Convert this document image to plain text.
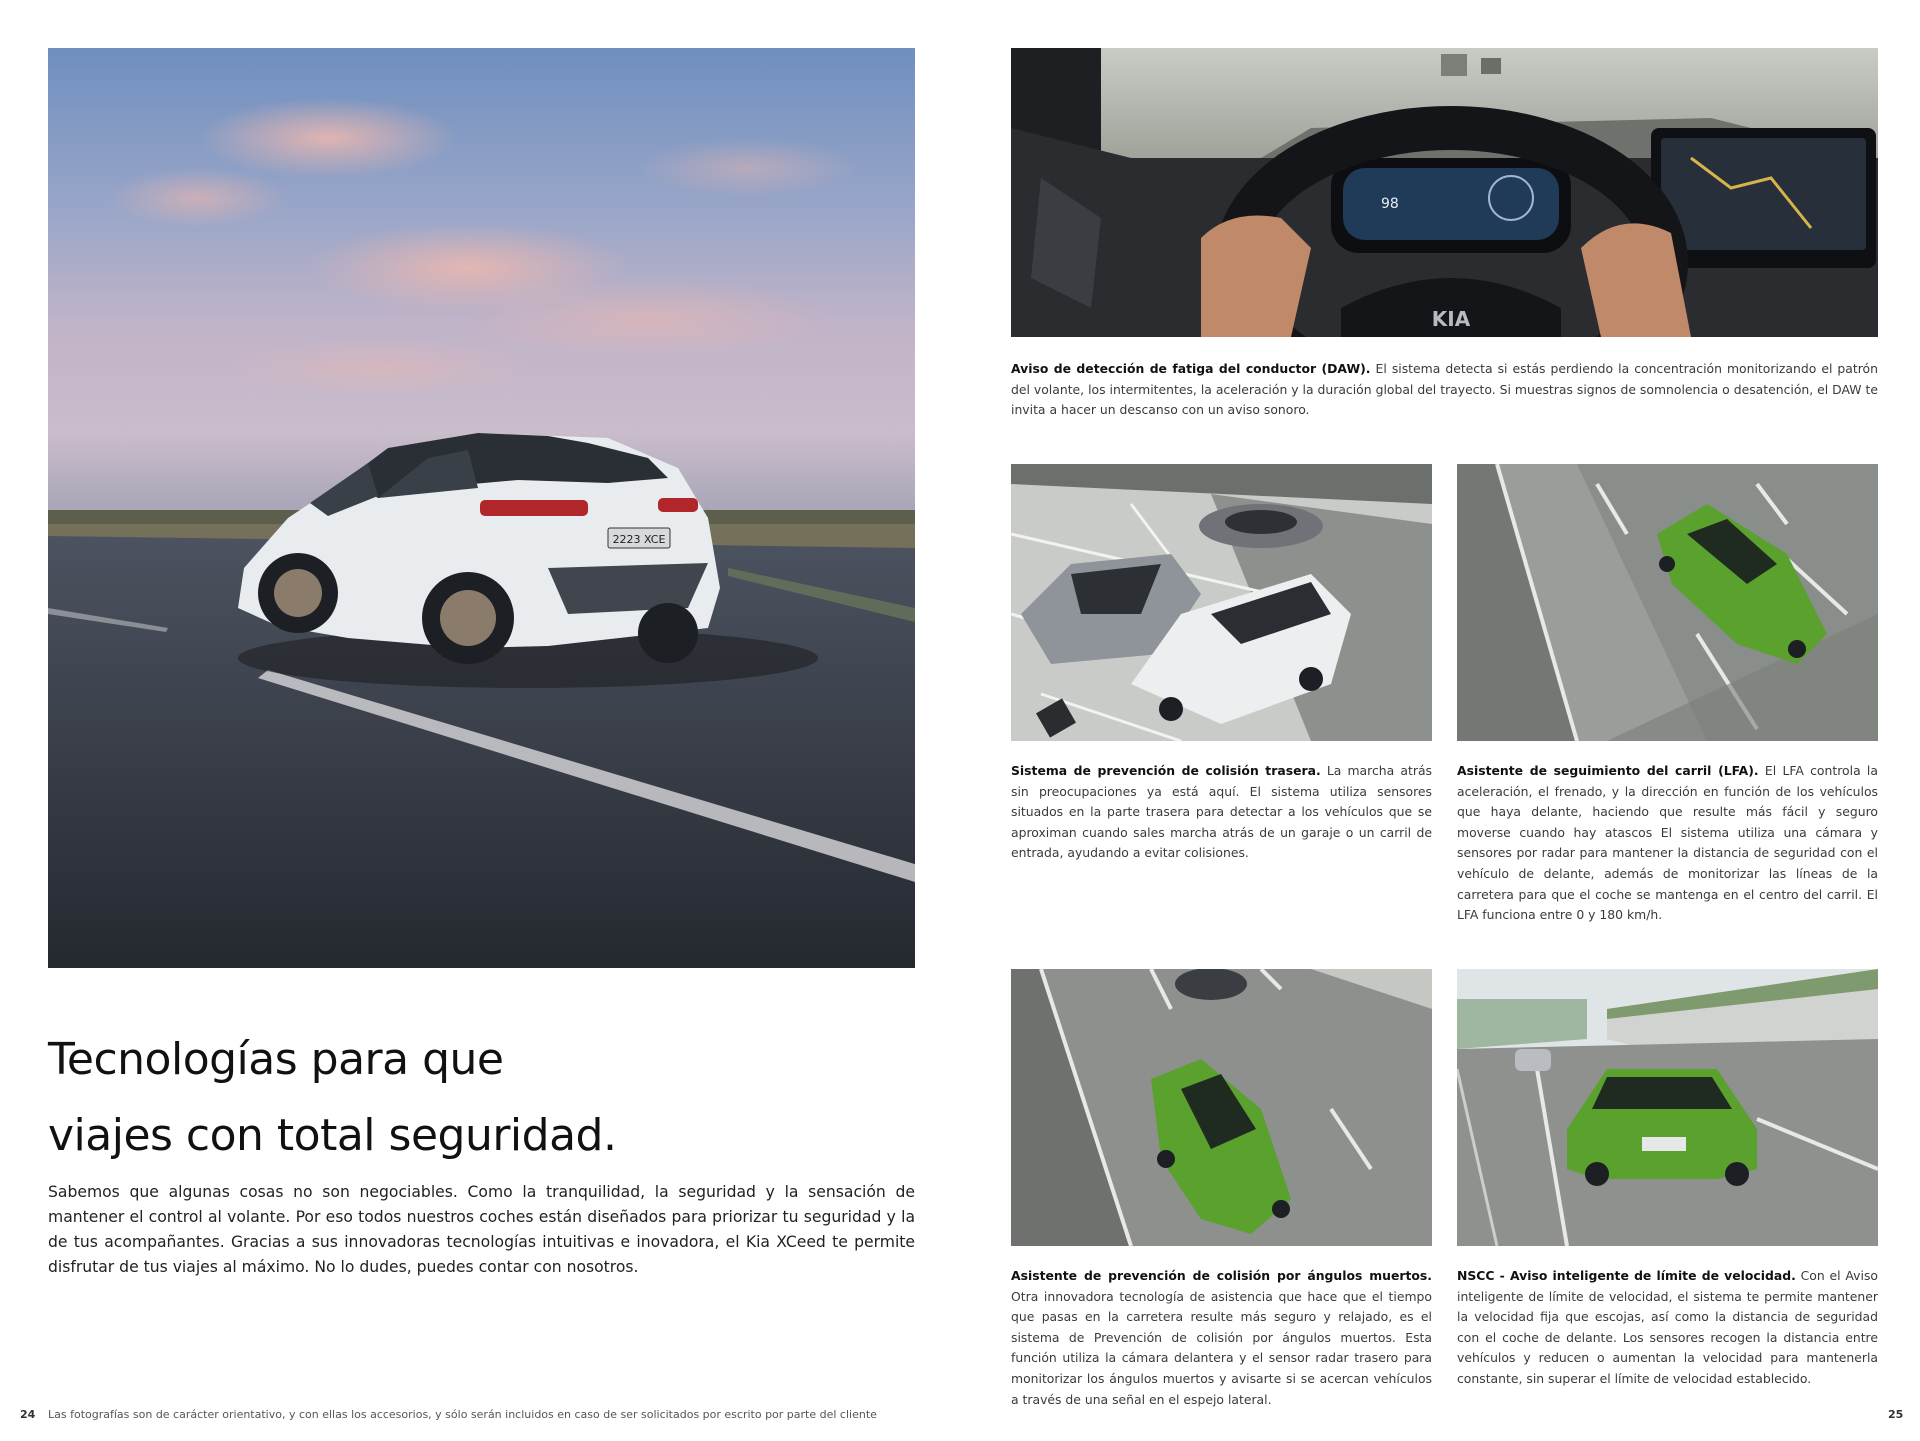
2223 XCE
Tecnologías para que
viajes con total seguridad.

Sabemos que algunas cosas no son negociables. Como la tranquilidad, la seguridad y la sensación de mantener el control al volante. Por eso todos nuestros coches están diseñados para priorizar tu seguridad y la de tus acompañantes. Gracias a sus innovadoras tecnologías intuitivas e inovadora, el Kia XCeed te permite disfrutar de tus viajes al máximo. No lo dudes, puedes contar con nosotros.

24 Las fotografías son de carácter orientativo, y con ellas los accesorios, y sólo serán incluidos en caso de ser solicitados por escrito por parte del cliente
98
KIA

Aviso de detección de fatiga del conductor (DAW). El sistema detecta si estás perdiendo la concentración monitorizando el patrón del volante, los intermitentes, la aceleración y la duración global del trayecto. Si muestras signos de somnolencia o desatención, el DAW te invita a hacer un descanso con un aviso sonoro.

Sistema de prevención de colisión trasera. La marcha atrás sin preocupaciones ya está aquí. El sistema utiliza sensores situados en la parte trasera para detectar a los vehículos que se aproximan cuando sales marcha atrás de un garaje o un carril de entrada, ayudando a evitar colisiones.

Asistente de seguimiento del carril (LFA). El LFA controla la aceleración, el frenado, y la dirección en función de los vehículos que haya delante, haciendo que resulte más fácil y seguro moverse cuando hay atascos El sistema utiliza una cámara y sensores por radar para mantener la distancia de seguridad con el vehículo de delante, además de monitorizar las líneas de la carretera para que el coche se mantenga en el centro del carril. El LFA funciona entre 0 y 180 km/h.

Asistente de prevención de colisión por ángulos muertos. Otra innovadora tecnología de asistencia que hace que el tiempo que pasas en la carretera resulte más seguro y relajado, es el sistema de Prevención de colisión por ángulos muertos. Esta función utiliza la cámara delantera y el sensor radar trasero para monitorizar los ángulos muertos y avisarte si se acercan vehículos a través de una señal en el espejo lateral.

NSCC - Aviso inteligente de límite de velocidad. Con el Aviso inteligente de límite de velocidad, el sistema te permite mantener la velocidad fija que escojas, así como la distancia de seguridad con el coche de delante. Los sensores recogen la distancia entre vehículos y reducen o aumentan la velocidad para mantenerla constante, sin superar el límite de velocidad establecido.

25
